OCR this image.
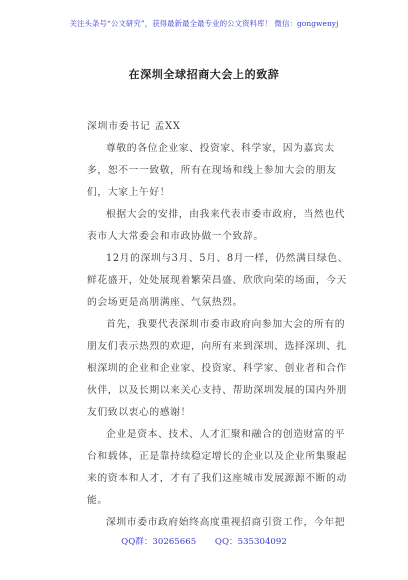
关注头条号“公文研究”，获得最新最全最专业的公文资料库！ 微信：gongwenyj
在深圳全球招商大会上的致辞
深圳市委书记 孟XX

尊敬的各位企业家、投资家、科学家，因为嘉宾太多，恕不一一致敬，所有在现场和线上参加大会的朋友们，大家上午好！

根据大会的安排，由我来代表市委市政府，当然也代表市人大常委会和市政协做一个致辞。

12月的深圳与3月、5月、8月一样，仍然满目绿色、鲜花盛开，处处展现着繁荣昌盛、欣欣向荣的场面，今天的会场更是高朋满座、气氛热烈。

首先，我要代表深圳市委市政府向参加大会的所有的朋友们表示热烈的欢迎，向所有来到深圳、选择深圳、扎根深圳的企业和企业家、投资家、科学家、创业者和合作伙伴，以及长期以来关心支持、帮助深圳发展的国内外朋友们致以衷心的感谢！

企业是资本、技术、人才汇聚和融合的创造财富的平台和载体，正是靠持续稳定增长的企业以及企业所集聚起来的资本和人才，才有了我们这座城市发展源源不断的动能。

深圳市委市政府始终高度重视招商引资工作，今年把

QQ群：30265665 QQ：535304092
